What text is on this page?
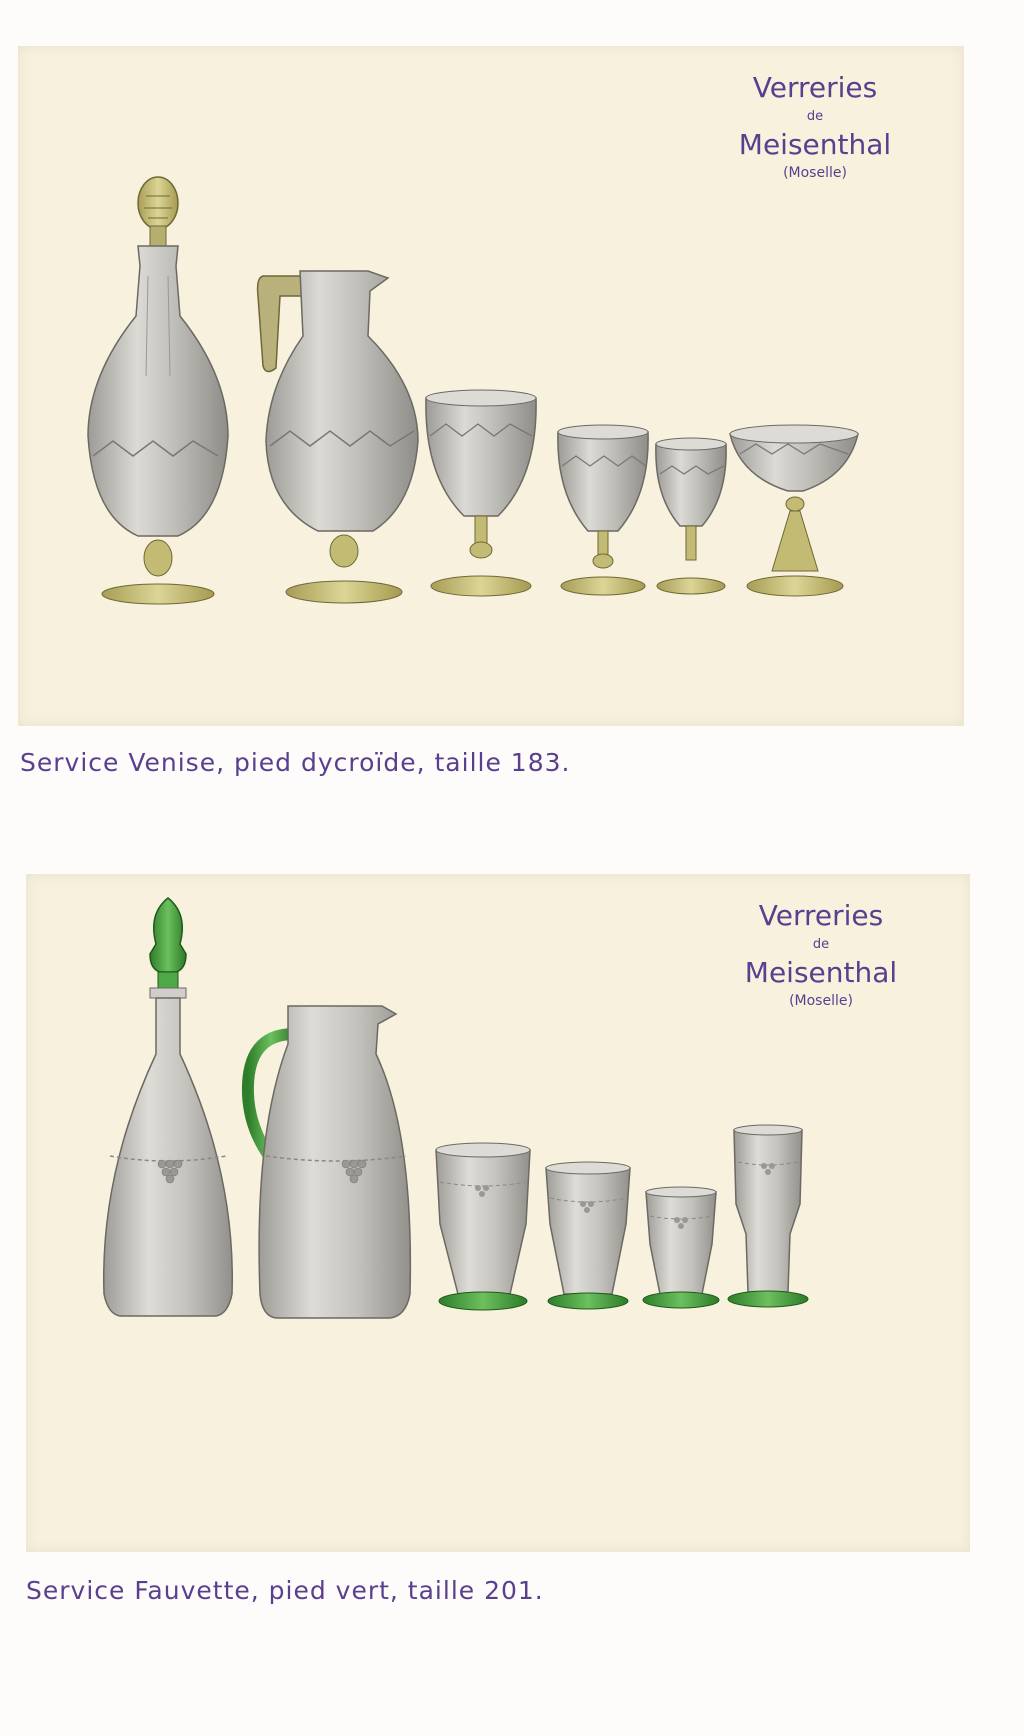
Verreries
de
Meisenthal
(Moselle)
Service Venise, pied dycroïde, taille 183.
Verreries
de
Meisenthal
(Moselle)
Service Fauvette, pied vert, taille 201.
